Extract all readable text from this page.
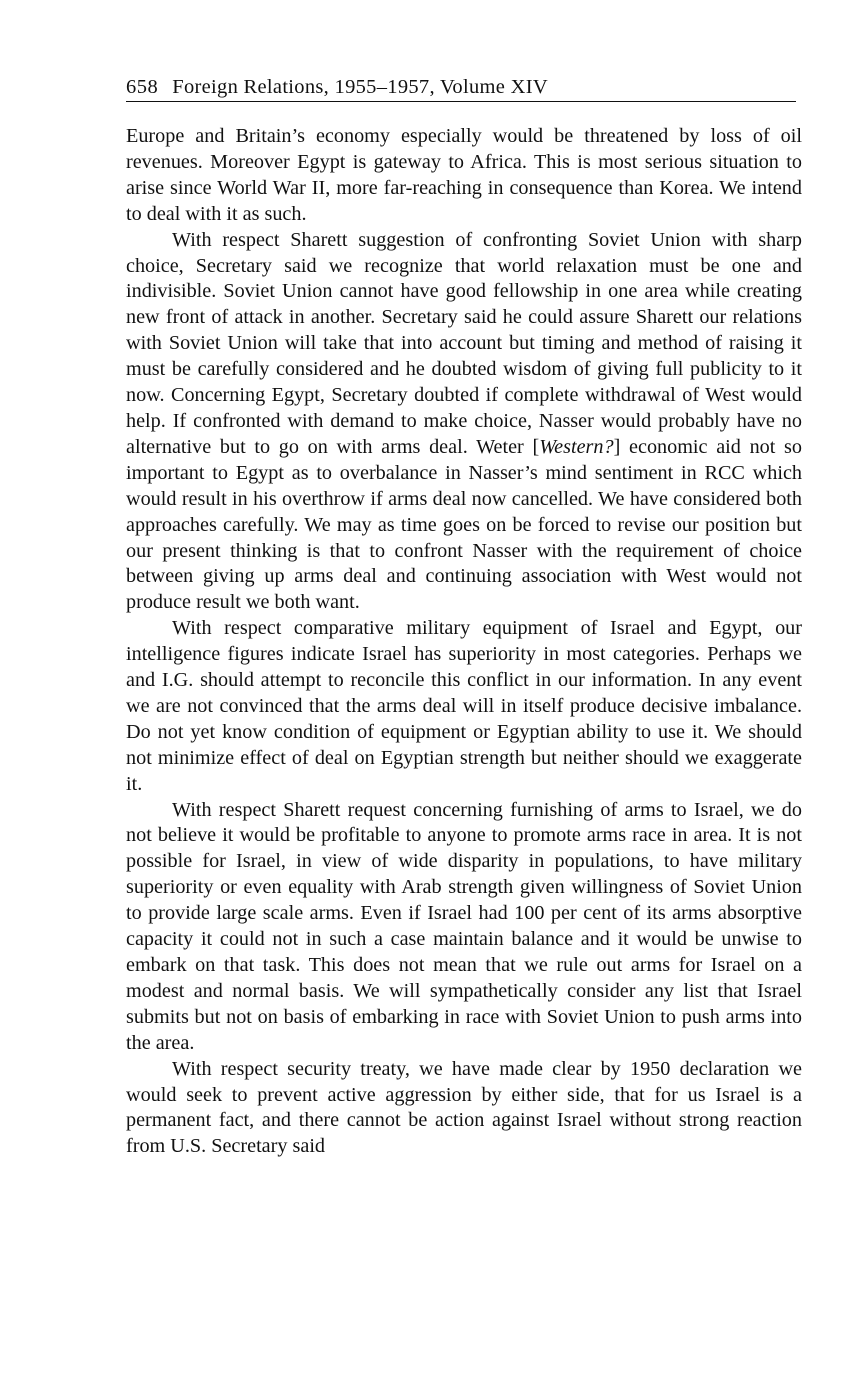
658 Foreign Relations, 1955–1957, Volume XIV

Europe and Britain’s economy especially would be threatened by loss of oil revenues. Moreover Egypt is gateway to Africa. This is most serious situation to arise since World War II, more far-reaching in consequence than Korea. We intend to deal with it as such.

With respect Sharett suggestion of confronting Soviet Union with sharp choice, Secretary said we recognize that world relaxation must be one and indivisible. Soviet Union cannot have good fellowship in one area while creating new front of attack in another. Secretary said he could assure Sharett our relations with Soviet Union will take that into account but timing and method of raising it must be carefully considered and he doubted wisdom of giving full publicity to it now. Concerning Egypt, Secretary doubted if complete withdrawal of West would help. If confronted with demand to make choice, Nasser would probably have no alternative but to go on with arms deal. Weter [Western?] economic aid not so important to Egypt as to overbalance in Nasser’s mind sentiment in RCC which would result in his overthrow if arms deal now cancelled. We have considered both approaches carefully. We may as time goes on be forced to revise our position but our present thinking is that to confront Nasser with the requirement of choice between giving up arms deal and continuing association with West would not produce result we both want.

With respect comparative military equipment of Israel and Egypt, our intelligence figures indicate Israel has superiority in most categories. Perhaps we and I.G. should attempt to reconcile this conflict in our information. In any event we are not convinced that the arms deal will in itself produce decisive imbalance. Do not yet know condition of equipment or Egyptian ability to use it. We should not minimize effect of deal on Egyptian strength but neither should we exaggerate it.

With respect Sharett request concerning furnishing of arms to Israel, we do not believe it would be profitable to anyone to promote arms race in area. It is not possible for Israel, in view of wide disparity in populations, to have military superiority or even equality with Arab strength given willingness of Soviet Union to provide large scale arms. Even if Israel had 100 per cent of its arms absorptive capacity it could not in such a case maintain balance and it would be unwise to embark on that task. This does not mean that we rule out arms for Israel on a modest and normal basis. We will sympathetically consider any list that Israel submits but not on basis of embarking in race with Soviet Union to push arms into the area.

With respect security treaty, we have made clear by 1950 declaration we would seek to prevent active aggression by either side, that for us Israel is a permanent fact, and there cannot be action against Israel without strong reaction from U.S. Secretary said
